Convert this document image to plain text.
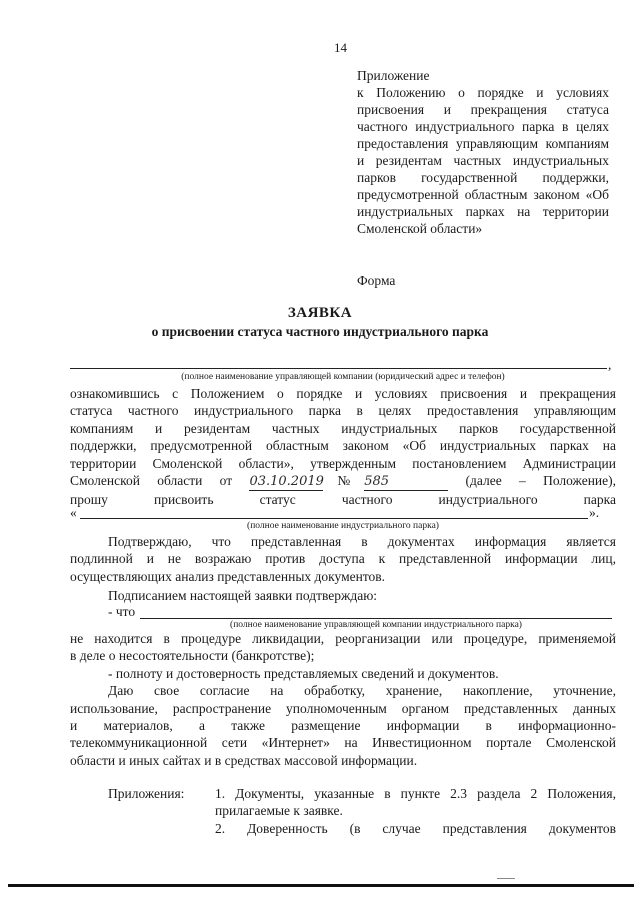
14

Приложение

к Положению о порядке и условиях присвоения и прекращения статуса частного индустриального парка в целях предоставления управляющим компаниям и резидентам частных индустриальных парков государственной поддержки, предусмотренной областным законом «Об индустриальных парках на территории Смоленской области»

Форма
ЗАЯВКА
о присвоении статуса частного индустриального парка
,
(полное наименование управляющей компании (юридический адрес и телефон)

ознакомившись с Положением о порядке и условиях присвоения и прекращения

статуса частного индустриального парка в целях предоставления управляющим

компаниям и резидентам частных индустриальных парков государственной

поддержки, предусмотренной областным законом «Об индустриальных парках на

территории Смоленской области», утвержденным постановлением Администрации

Смоленской области от 03.10.2019№585	(далее – Положение),

прошу присвоить статус частного индустриального парка

«	».
(полное наименование индустриального парка)

Подтверждаю, что представленная в документах информация является

подлинной и не возражаю против доступа к представленной информации лиц,

осуществляющих анализ представленных документов.

Подписанием настоящей заявки подтверждаю:

- что
(полное наименование управляющей компании индустриального парка)

не находится в процедуре ликвидации, реорганизации или процедуре, применяемой

в деле о несостоятельности (банкротстве);

- полноту и достоверность представляемых сведений и документов.

Даю свое согласие на обработку, хранение, накопление, уточнение,

использование, распространение уполномоченным органом представленных данных

и материалов, а также размещение информации в информационно-

телекоммуникационной сети «Интернет» на Инвестиционном портале Смоленской

области и иных сайтах и в средствах массовой информации.

Приложения: 1. Документы, указанные в пункте 2.3 раздела 2 Положения,
прилагаемые к заявке.
2. Доверенность (в случае представления документов
